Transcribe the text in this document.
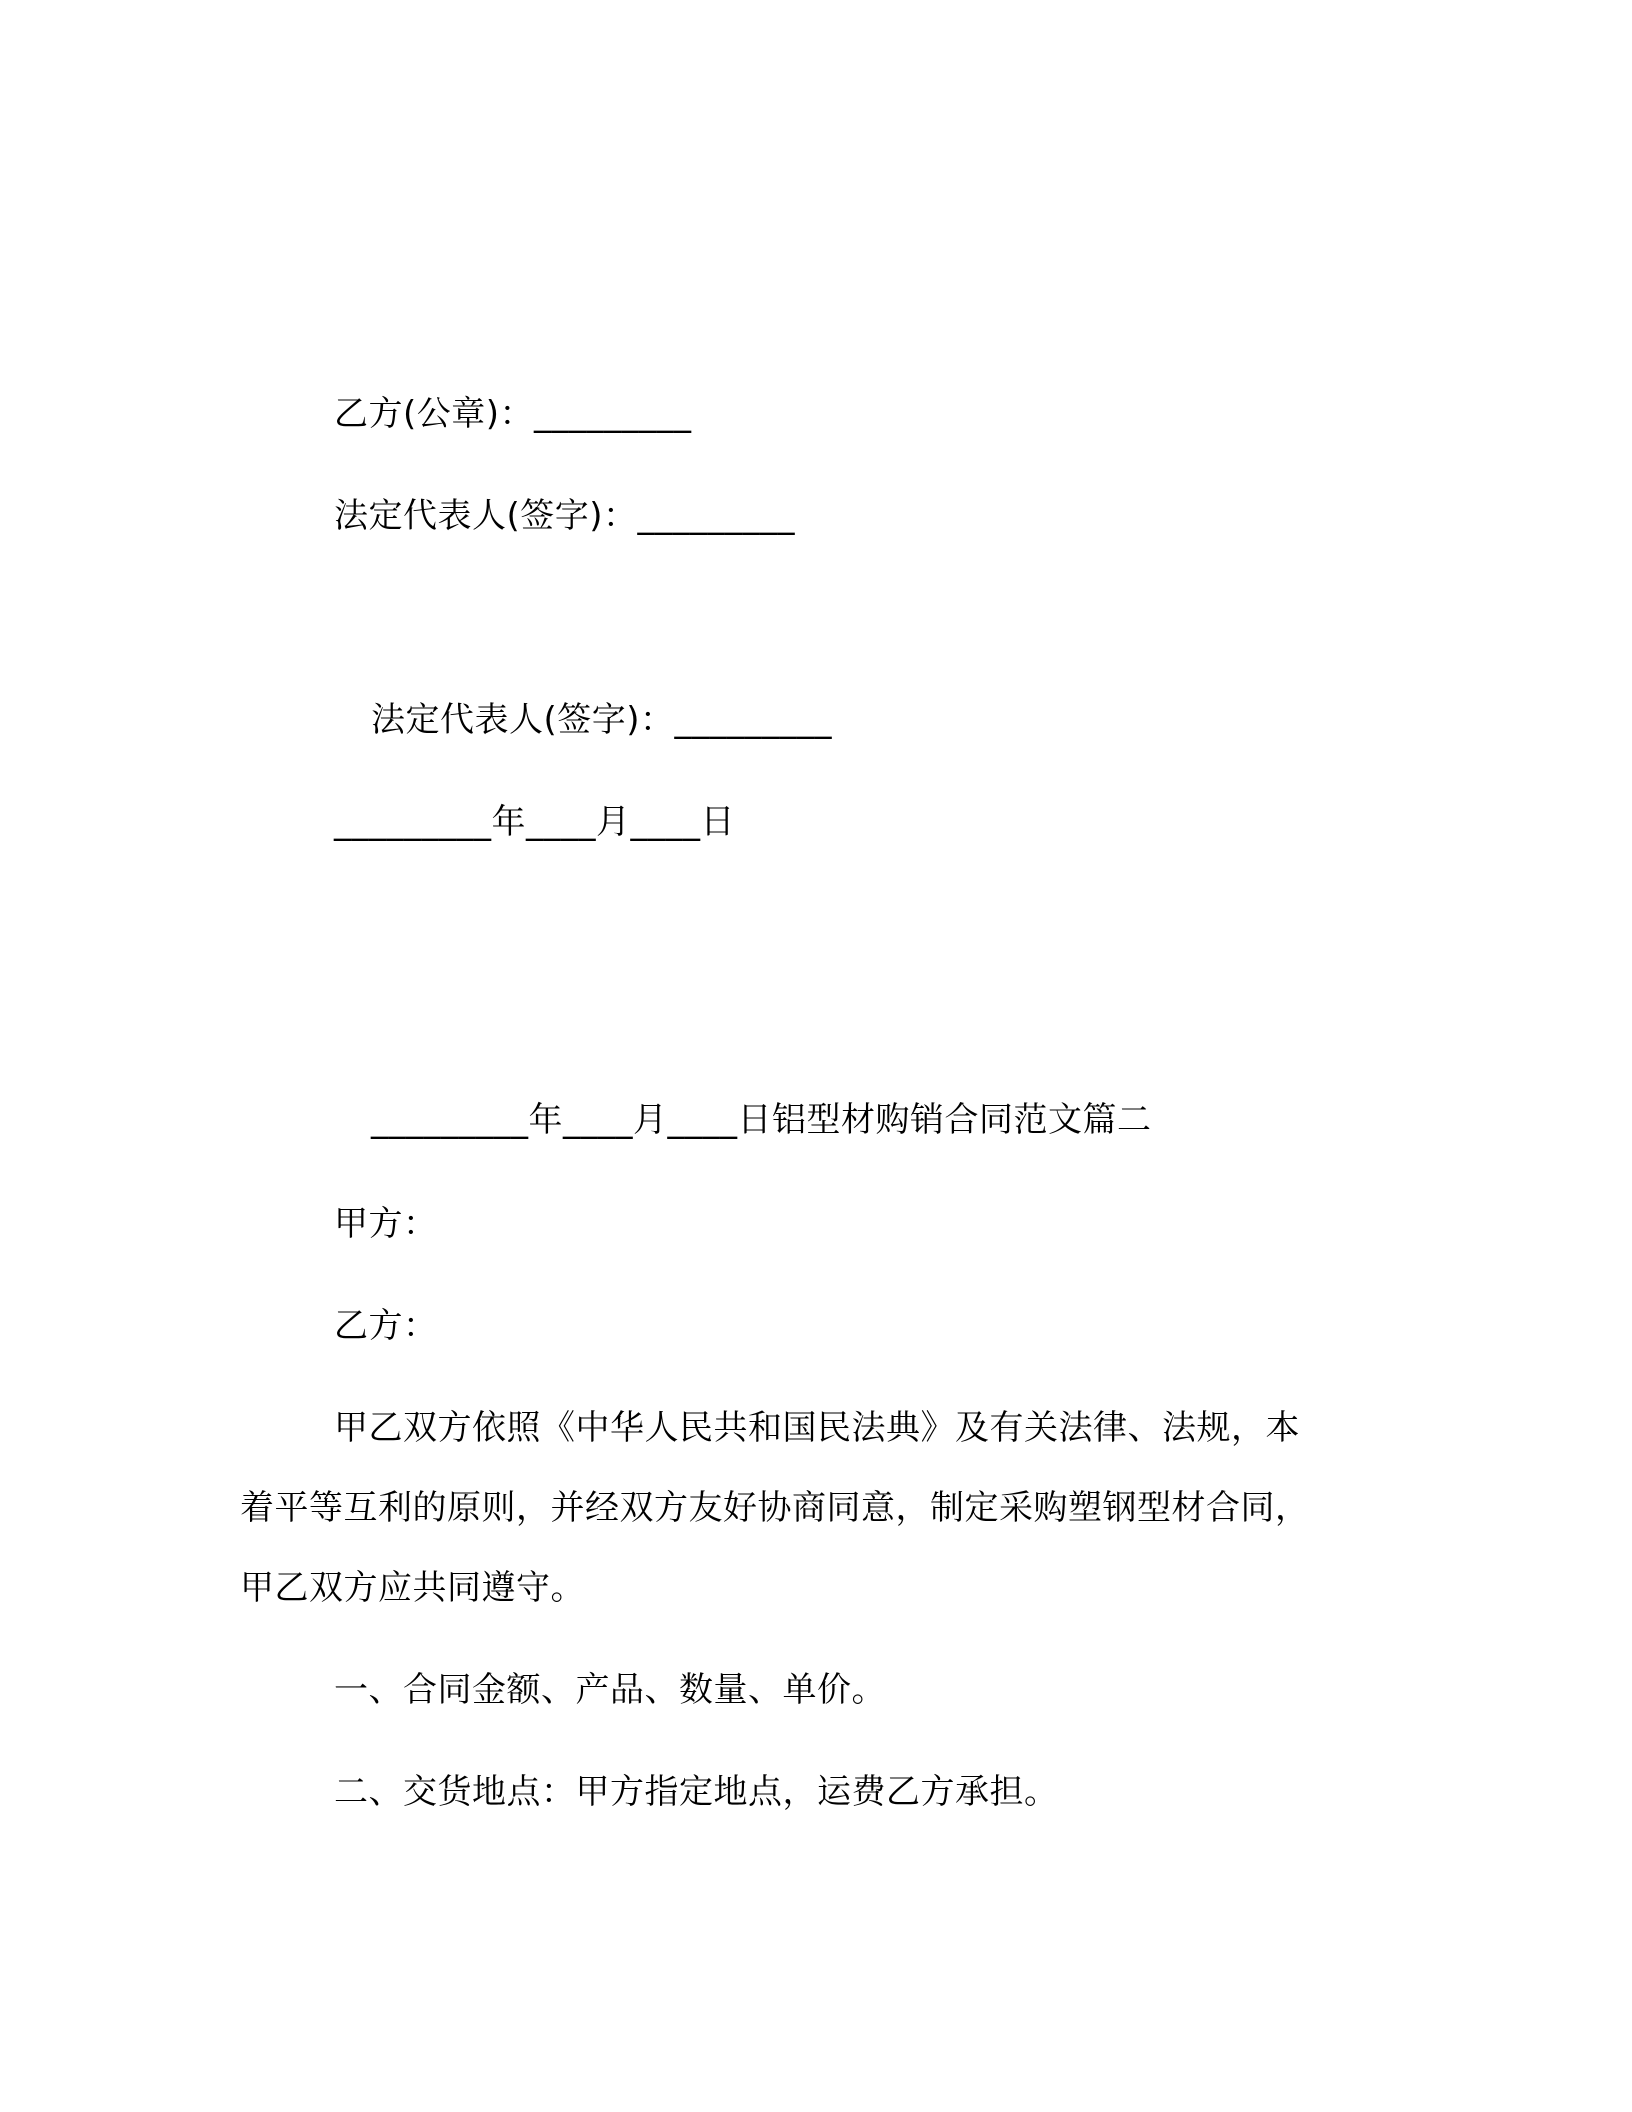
乙方(公章)：_________
法定代表人(签字)：_________
法定代表人(签字)：_________
_________年____月____日
_________年____月____日铝型材购销合同范文篇二
甲方：
乙方：
甲乙双方依照《中华人民共和国民法典》及有关法律、法规，本
着平等互利的原则，并经双方友好协商同意，制定采购塑钢型材合同，
甲乙双方应共同遵守。
一、合同金额、产品、数量、单价。
二、交货地点：甲方指定地点，运费乙方承担。
